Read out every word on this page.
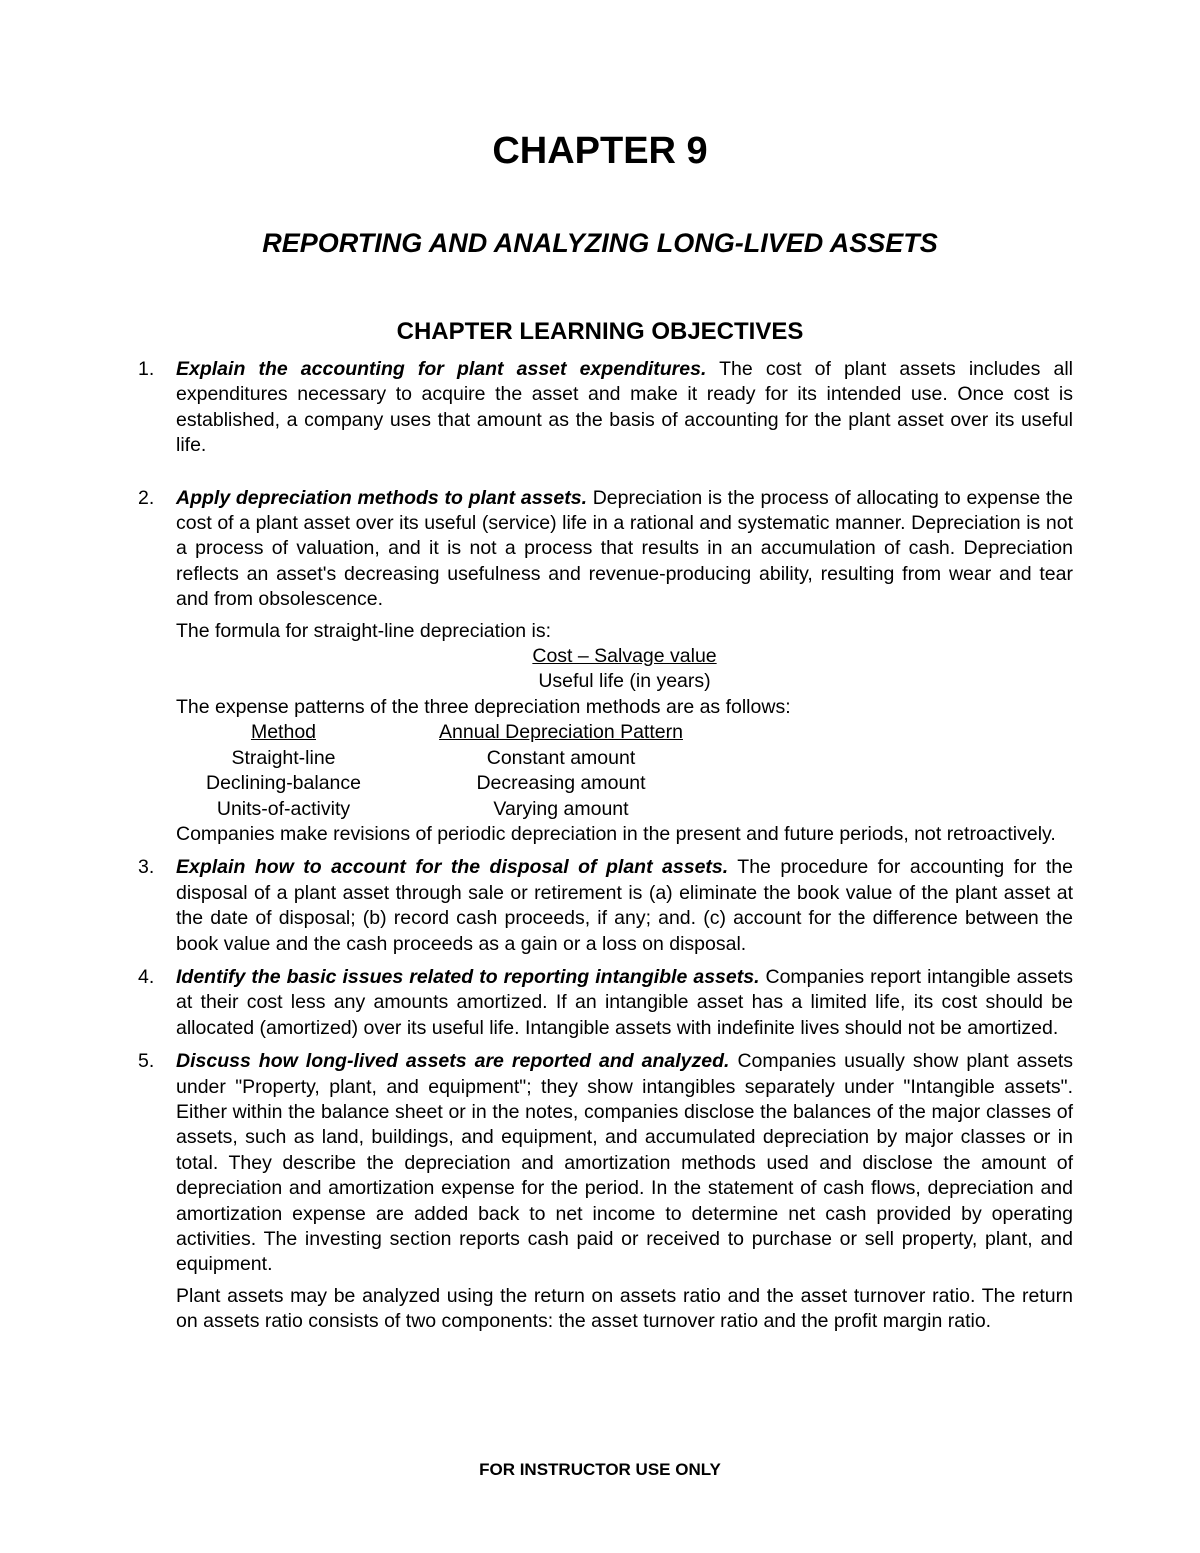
CHAPTER 9
REPORTING AND ANALYZING LONG-LIVED ASSETS
CHAPTER LEARNING OBJECTIVES
1. Explain the accounting for plant asset expenditures. The cost of plant assets includes all expenditures necessary to acquire the asset and make it ready for its intended use. Once cost is established, a company uses that amount as the basis of accounting for the plant asset over its useful life.
2. Apply depreciation methods to plant assets. Depreciation is the process of allocating to expense the cost of a plant asset over its useful (service) life in a rational and systematic manner. Depreciation is not a process of valuation, and it is not a process that results in an accumulation of cash. Depreciation reflects an asset's decreasing usefulness and revenue-producing ability, resulting from wear and tear and from obsolescence.
The formula for straight-line depreciation is:
Cost – Salvage value
Useful life (in years)
The expense patterns of the three depreciation methods are as follows:
Method	Annual Depreciation Pattern
Straight-line	Constant amount
Declining-balance	Decreasing amount
Units-of-activity	Varying amount
Companies make revisions of periodic depreciation in the present and future periods, not retroactively.
3. Explain how to account for the disposal of plant assets. The procedure for accounting for the disposal of a plant asset through sale or retirement is (a) eliminate the book value of the plant asset at the date of disposal; (b) record cash proceeds, if any; and. (c) account for the difference between the book value and the cash proceeds as a gain or a loss on disposal.
4. Identify the basic issues related to reporting intangible assets. Companies report intangible assets at their cost less any amounts amortized. If an intangible asset has a limited life, its cost should be allocated (amortized) over its useful life. Intangible assets with indefinite lives should not be amortized.
5. Discuss how long-lived assets are reported and analyzed. Companies usually show plant assets under "Property, plant, and equipment"; they show intangibles separately under "Intangible assets". Either within the balance sheet or in the notes, companies disclose the balances of the major classes of assets, such as land, buildings, and equipment, and accumulated depreciation by major classes or in total. They describe the depreciation and amortization methods used and disclose the amount of depreciation and amortization expense for the period. In the statement of cash flows, depreciation and amortization expense are added back to net income to determine net cash provided by operating activities. The investing section reports cash paid or received to purchase or sell property, plant, and equipment.
Plant assets may be analyzed using the return on assets ratio and the asset turnover ratio. The return on assets ratio consists of two components: the asset turnover ratio and the profit margin ratio.
FOR INSTRUCTOR USE ONLY
